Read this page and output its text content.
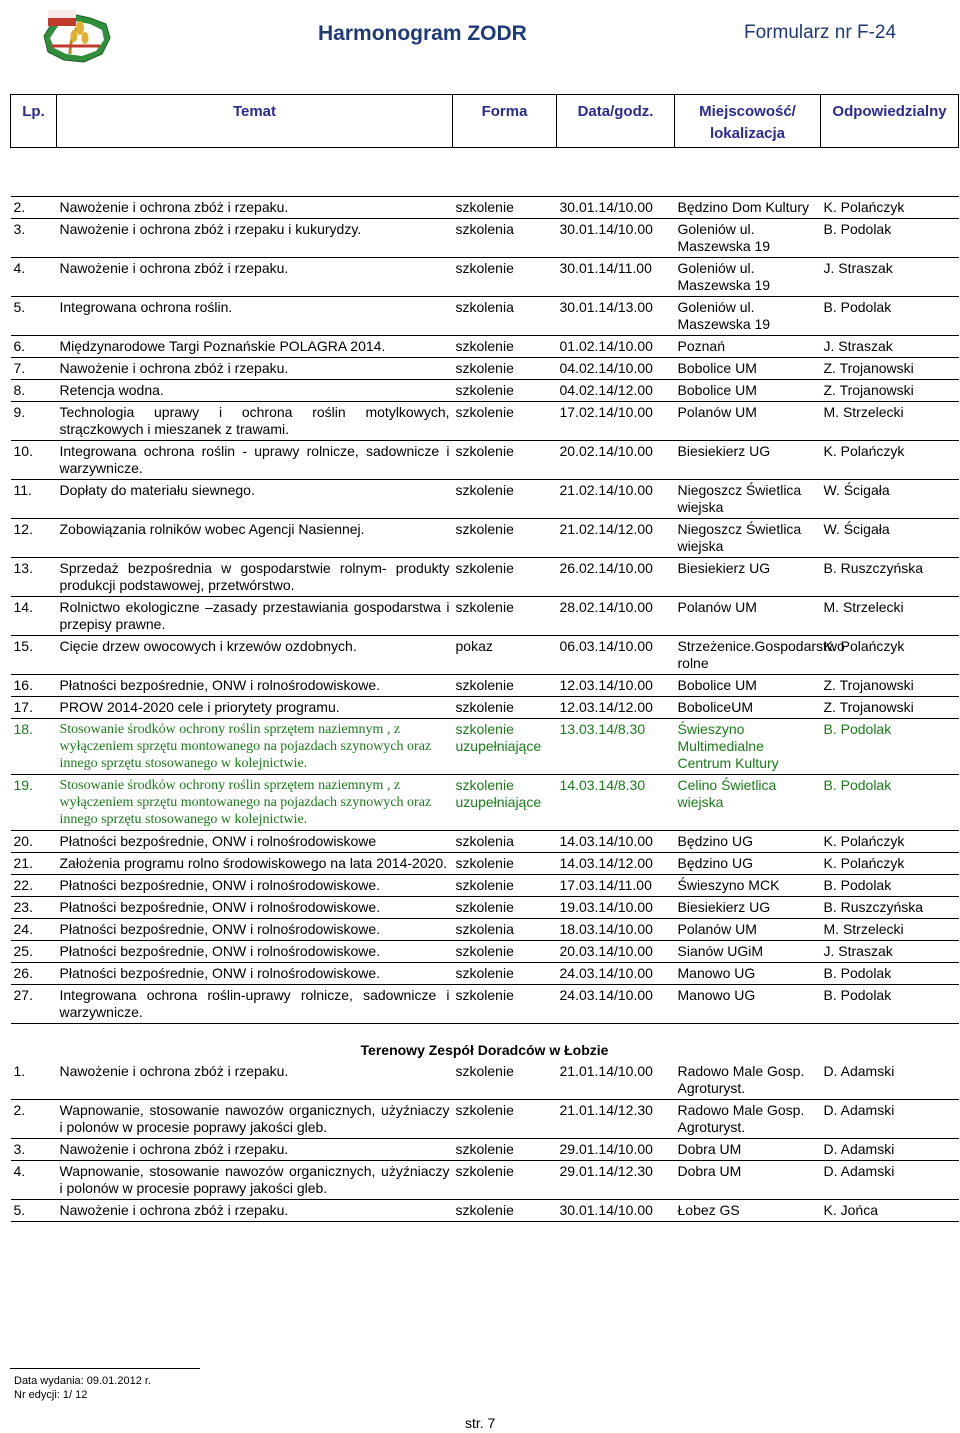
Harmonogram ZODR	Formularz nr F-24
Lp.	Temat	Forma	Data/godz.	Miejscowość/ lokalizacja	Odpowiedzialny

2.	Nawożenie i ochrona zbóż i rzepaku.	szkolenie	30.01.14/10.00	Będzino Dom Kultury	K. Polańczyk
3.	Nawożenie i ochrona zbóż i rzepaku i kukurydzy.	szkolenia	30.01.14/10.00	Goleniów ul. Maszewska 19	B. Podolak
4.	Nawożenie i ochrona zbóż i rzepaku.	szkolenie	30.01.14/11.00	Goleniów ul. Maszewska 19	J. Straszak
5.	Integrowana ochrona roślin.	szkolenia	30.01.14/13.00	Goleniów ul. Maszewska 19	B. Podolak
6.	Międzynarodowe Targi Poznańskie POLAGRA 2014.	szkolenie	01.02.14/10.00	Poznań	J. Straszak
7.	Nawożenie i ochrona zbóż i rzepaku.	szkolenie	04.02.14/10.00	Bobolice UM	Z. Trojanowski
8.	Retencja wodna.	szkolenie	04.02.14/12.00	Bobolice UM	Z. Trojanowski
9.	Technologia uprawy i ochrona roślin motylkowych, strączkowych i mieszanek z trawami.	szkolenie	17.02.14/10.00	Polanów UM	M. Strzelecki
10.	Integrowana ochrona roślin - uprawy rolnicze, sadownicze i warzywnicze.	szkolenie	20.02.14/10.00	Biesiekierz UG	K. Polańczyk
11.	Dopłaty do materiału siewnego.	szkolenie	21.02.14/10.00	Niegoszcz Świetlica wiejska	W. Ścigała
12.	Zobowiązania rolników wobec Agencji Nasiennej.	szkolenie	21.02.14/12.00	Niegoszcz Świetlica wiejska	W. Ścigała
13.	Sprzedaż bezpośrednia w gospodarstwie rolnym- produkty produkcji podstawowej, przetwórstwo.	szkolenie	26.02.14/10.00	Biesiekierz UG	B. Ruszczyńska
14.	Rolnictwo ekologiczne –zasady przestawiania gospodarstwa i przepisy prawne.	szkolenie	28.02.14/10.00	Polanów UM	M. Strzelecki
15.	Cięcie drzew owocowych i krzewów ozdobnych.	pokaz	06.03.14/10.00	Strzeżenice.Gospodarstwo rolne	K. Polańczyk
16.	Płatności bezpośrednie, ONW i rolnośrodowiskowe.	szkolenie	12.03.14/10.00	Bobolice UM	Z. Trojanowski
17.	PROW 2014-2020 cele i priorytety programu.	szkolenie	12.03.14/12.00	BoboliceUM	Z. Trojanowski
18.	Stosowanie środków ochrony roślin sprzętem naziemnym , z wyłączeniem sprzętu montowanego na pojazdach szynowych oraz innego sprzętu stosowanego w kolejnictwie.	szkolenie uzupełniające	13.03.14/8.30	Świeszyno Multimedialne Centrum Kultury	B. Podolak
19.	Stosowanie środków ochrony roślin sprzętem naziemnym , z wyłączeniem sprzętu montowanego na pojazdach szynowych oraz innego sprzętu stosowanego w kolejnictwie.	szkolenie uzupełniające	14.03.14/8.30	Celino Świetlica wiejska	B. Podolak
20.	Płatności bezpośrednie, ONW i rolnośrodowiskowe	szkolenia	14.03.14/10.00	Będzino UG	K. Polańczyk
21.	Założenia programu rolno środowiskowego na lata 2014-2020.	szkolenie	14.03.14/12.00	Będzino UG	K. Polańczyk
22.	Płatności bezpośrednie, ONW i rolnośrodowiskowe.	szkolenie	17.03.14/11.00	Świeszyno MCK	B. Podolak
23.	Płatności bezpośrednie, ONW i rolnośrodowiskowe.	szkolenie	19.03.14/10.00	Biesiekierz UG	B. Ruszczyńska
24.	Płatności bezpośrednie, ONW i rolnośrodowiskowe.	szkolenia	18.03.14/10.00	Polanów UM	M. Strzelecki
25.	Płatności bezpośrednie, ONW i rolnośrodowiskowe.	szkolenie	20.03.14/10.00	Sianów UGiM	J. Straszak
26.	Płatności bezpośrednie, ONW i rolnośrodowiskowe.	szkolenie	24.03.14/10.00	Manowo UG	B. Podolak
27.	Integrowana ochrona roślin-uprawy rolnicze, sadownicze i warzywnicze.	szkolenie	24.03.14/10.00	Manowo UG	B. Podolak
Terenowy Zespół Doradców w Łobzie					
1.	Nawożenie i ochrona zbóż i rzepaku.	szkolenie	21.01.14/10.00	Radowo Male Gosp. Agroturyst.	D. Adamski
2.	Wapnowanie, stosowanie nawozów organicznych, użyźniaczy i polonów w procesie poprawy jakości gleb.	szkolenie	21.01.14/12.30	Radowo Male Gosp. Agroturyst.	D. Adamski
3.	Nawożenie i ochrona zbóż i rzepaku.	szkolenie	29.01.14/10.00	Dobra UM	D. Adamski
4.	Wapnowanie, stosowanie nawozów organicznych, użyźniaczy i polonów w procesie poprawy jakości gleb.	szkolenie	29.01.14/12.30	Dobra UM	D. Adamski
5.	Nawożenie i ochrona zbóż i rzepaku.	szkolenie	30.01.14/10.00	Łobez GS	K. Jońca
Data wydania: 09.01.2012 r.
Nr edycji: 1/ 12
str. 7
